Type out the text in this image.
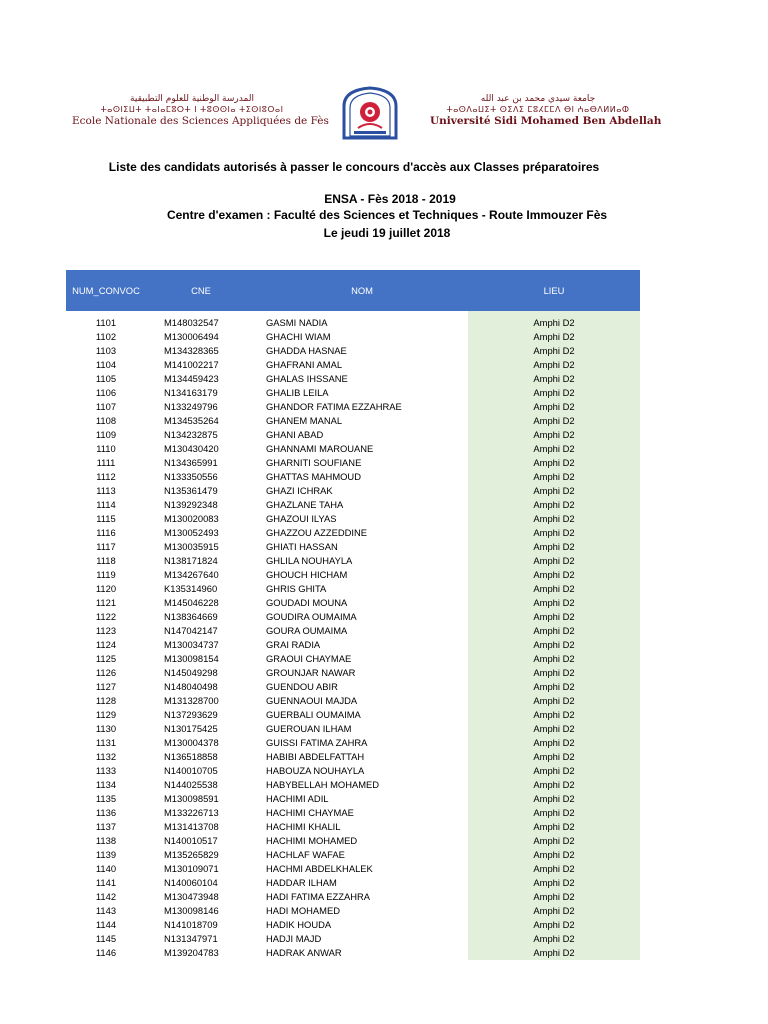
المدرسة الوطنية للعلوم التطبيقية
ⵜⴰⵙⵏⵉⵡⵜ ⵜⴰⵏⴰⵎⵓⵔⵜ ⵏ ⵜⵓⵙⵙⵏⴰ ⵜⵉⵙⵏⵓⵔⴰⵏ
Ecole Nationale des Sciences Appliquées de Fès
جامعة سيدي محمد بن عبد الله
ⵜⴰⵙⴷⴰⵡⵉⵜ ⵙⵉⴷⵉ ⵎⵓⵃⵎⵎⴷ ⴱⵏ ⵄⴰⴱⴷⵍⵍⴰⵀ
Université Sidi Mohamed Ben Abdellah
Liste des candidats autorisés à passer le concours d'accès aux Classes préparatoires
ENSA - Fès 2018 - 2019
Centre d'examen : Faculté des Sciences et Techniques - Route Immouzer Fès
Le jeudi 19 juillet 2018
NUM_CONVOC	CNE	NOM	LIEU

1101	M148032547	GASMI NADIA	Amphi D2
1102	M130006494	GHACHI WIAM	Amphi D2
1103	M134328365	GHADDA HASNAE	Amphi D2
1104	M141002217	GHAFRANI AMAL	Amphi D2
1105	M134459423	GHALAS IHSSANE	Amphi D2
1106	N134163179	GHALIB LEILA	Amphi D2
1107	N133249796	GHANDOR FATIMA EZZAHRAE	Amphi D2
1108	M134535264	GHANEM MANAL	Amphi D2
1109	N134232875	GHANI ABAD	Amphi D2
1110	M130430420	GHANNAMI MAROUANE	Amphi D2
1111	N134365991	GHARNITI SOUFIANE	Amphi D2
1112	N133350556	GHATTAS MAHMOUD	Amphi D2
1113	N135361479	GHAZI ICHRAK	Amphi D2
1114	N139292348	GHAZLANE TAHA	Amphi D2
1115	M130020083	GHAZOUI ILYAS	Amphi D2
1116	M130052493	GHAZZOU AZZEDDINE	Amphi D2
1117	M130035915	GHIATI HASSAN	Amphi D2
1118	N138171824	GHLILA NOUHAYLA	Amphi D2
1119	M134267640	GHOUCH HICHAM	Amphi D2
1120	K135314960	GHRIS GHITA	Amphi D2
1121	M145046228	GOUDADI MOUNA	Amphi D2
1122	N138364669	GOUDIRA OUMAIMA	Amphi D2
1123	N147042147	GOURA OUMAIMA	Amphi D2
1124	M130034737	GRAI RADIA	Amphi D2
1125	M130098154	GRAOUI CHAYMAE	Amphi D2
1126	N145049298	GROUNJAR NAWAR	Amphi D2
1127	N148040498	GUENDOU ABIR	Amphi D2
1128	M131328700	GUENNAOUI MAJDA	Amphi D2
1129	N137293629	GUERBALI OUMAIMA	Amphi D2
1130	N130175425	GUEROUAN ILHAM	Amphi D2
1131	M130004378	GUISSI FATIMA ZAHRA	Amphi D2
1132	N136518858	HABIBI ABDELFATTAH	Amphi D2
1133	N140010705	HABOUZA NOUHAYLA	Amphi D2
1134	N144025538	HABYBELLAH MOHAMED	Amphi D2
1135	M130098591	HACHIMI ADIL	Amphi D2
1136	M133226713	HACHIMI CHAYMAE	Amphi D2
1137	M131413708	HACHIMI KHALIL	Amphi D2
1138	N140010517	HACHIMI MOHAMED	Amphi D2
1139	M135265829	HACHLAF WAFAE	Amphi D2
1140	M130109071	HACHMI ABDELKHALEK	Amphi D2
1141	N140060104	HADDAR ILHAM	Amphi D2
1142	M130473948	HADI FATIMA EZZAHRA	Amphi D2
1143	M130098146	HADI MOHAMED	Amphi D2
1144	N141018709	HADIK HOUDA	Amphi D2
1145	N131347971	HADJI MAJD	Amphi D2
1146	M139204783	HADRAK ANWAR	Amphi D2
